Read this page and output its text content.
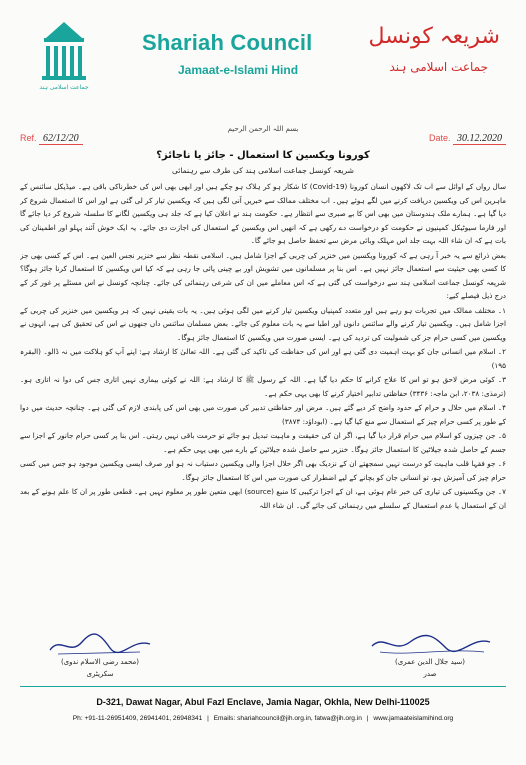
جماعت اسلامی ہند
Shariah Council
Jamaat-e-Islami Hind
شریعہ کونسل
جماعت اسلامی ہند
بسم اللہ الرحمن الرحیم
Ref. 62/12/20	Date. 30.12.2020
کورونا ویکسین کا استعمال - جائز یا ناجائز؟
شریعہ کونسل جماعت اسلامی ہند کی طرف سے رہنمائی

سال رواں کے اوائل سے اب تک لاکھوں انسان کورونا (Covid-19) کا شکار ہو کر ہلاک ہو چکے ہیں اور ابھی بھی اس کی خطرناکی باقی ہے۔ میڈیکل سائنس کے ماہرین اس کی ویکسین دریافت کرنے میں لگے ہوئے ہیں۔ اب مختلف ممالک سے خبریں آنی لگی ہیں کہ ویکسین تیار کر لی گئی ہے اور اس کا استعمال شروع کر دیا گیا ہے۔ ہمارے ملک ہندوستان میں بھی اس کا بے صبری سے انتظار ہے۔ حکومت ہند نے اعلان کیا ہے کہ جلد ہی ویکسین لگانے کا سلسلہ شروع کر دیا جائے گا اور فارما سیوٹیکل کمپنیوں نے حکومت کو درخواست دے رکھی ہے کہ انھیں اس ویکسین کے استعمال کی اجازت دی جائے۔ یہ ایک خوش آئند پہلو اور اطمینان کی بات ہے کہ ان شاء اللہ بہت جلد اس مہلک وبائی مرض سے تحفظ حاصل ہو جائے گا۔

بعض ذرائع سے یہ خبر آ رہی ہے کہ کورونا ویکسین میں خنزیر کی چربی کے اجزا شامل ہیں۔ اسلامی نقطہ نظر سے خنزیر نجس العین ہے۔ اس کے کسی بھی جز کا کسی بھی حیثیت سے استعمال جائز نہیں ہے۔ اس بنا پر مسلمانوں میں تشویش اور بے چینی پائی جا رہی ہے کہ کیا اس ویکسین کا استعمال کرنا جائز ہوگا؟ شریعہ کونسل جماعت اسلامی ہند سے درخواست کی گئی ہے کہ اس معاملے میں ان کی شرعی رہنمائی کی جائے۔ چنانچہ کونسل نے اس مسئلے پر غور کر کے درج ذیل فیصلے کیے:

۱۔ مختلف ممالک میں تجربات ہو رہے ہیں اور متعدد کمپنیاں ویکسین تیار کرنے میں لگی ہوئی ہیں۔ یہ بات یقینی نہیں کہ ہر ویکسین میں خنزیر کی چربی کے اجزا شامل ہیں۔ ویکسین تیار کرنے والے سائنس دانوں اور اطبا سے یہ بات معلوم کی جائے۔ بعض مسلمان سائنس داں جنھوں نے اس کی تحقیق کی ہے، انہوں نے ویکسین میں کسی حرام جز کی شمولیت کی تردید کی ہے۔ ایسی صورت میں ویکسین کا استعمال جائز ہوگا۔

۲۔ اسلام میں انسانی جان کو بہت اہمیت دی گئی ہے اور اس کی حفاظت کی تاکید کی گئی ہے۔ اللہ تعالیٰ کا ارشاد ہے: اپنے آپ کو ہلاکت میں نہ ڈالو۔ (البقرہ ۱۹۵)

۳۔ کوئی مرض لاحق ہو تو اس کا علاج کرانے کا حکم دیا گیا ہے۔ اللہ کے رسول ﷺ کا ارشاد ہے: اللہ نے کوئی بیماری نہیں اتاری جس کی دوا نہ اتاری ہو۔ (ترمذی: ۲۰۳۸، ابن ماجہ: ۳۴۳۶) حفاظتی تدابیر اختیار کرنے کا بھی یہی حکم ہے۔

۴۔ اسلام میں حلال و حرام کے حدود واضح کر دیے گئے ہیں۔ مرض اور حفاظتی تدبیر کی صورت میں بھی اس کی پابندی لازم کی گئی ہے۔ چنانچہ حدیث میں دوا کے طور پر کسی حرام چیز کے استعمال سے منع کیا گیا ہے۔ (ابوداؤد: ۳۸۷۴)

۵۔ جن چیزوں کو اسلام میں حرام قرار دیا گیا ہے، اگر ان کی حقیقت و ماہیت تبدیل ہو جائے تو حرمت باقی نہیں رہتی۔ اس بنا پر کسی حرام جانور کے اجزا سے جسم کے حاصل شدہ جیلاٹین کا استعمال جائز ہوگا۔ خنزیر سے حاصل شدہ جیلاٹین کے بارے میں بھی یہی حکم ہے۔

۶۔ جو فقہا قلب ماہیت کو درست نہیں سمجھتے ان کے نزدیک بھی اگر حلال اجزا والی ویکسین دستیاب نہ ہو اور صرف ایسی ویکسین موجود ہو جس میں کسی حرام چیز کی آمیزش ہو، تو انسانی جان کو بچانے کے لیے اضطرار کی صورت میں اس کا استعمال جائز ہوگا۔

۷۔ جن ویکسینوں کی تیاری کی خبر عام ہوئی ہے، ان کے اجزا ترکیبی کا منبع (source) ابھی متعین طور پر معلوم نہیں ہے۔ قطعی طور پر ان کا علم ہونے کے بعد ان کے استعمال یا عدم استعمال کے سلسلے میں رہنمائی کی جائے گی۔ ان شاء اللہ

(محمد رضی الاسلام ندوی)
سکریٹری
(سید جلال الدین عمری)
صدر
D-321, Dawat Nagar, Abul Fazl Enclave, Jamia Nagar, Okhla, New Delhi-110025
Ph: +91-11-26951409, 26941401, 26948341 | Emails: shariahcouncil@jih.org.in, fatwa@jih.org.in | www.jamaateislamihind.org
